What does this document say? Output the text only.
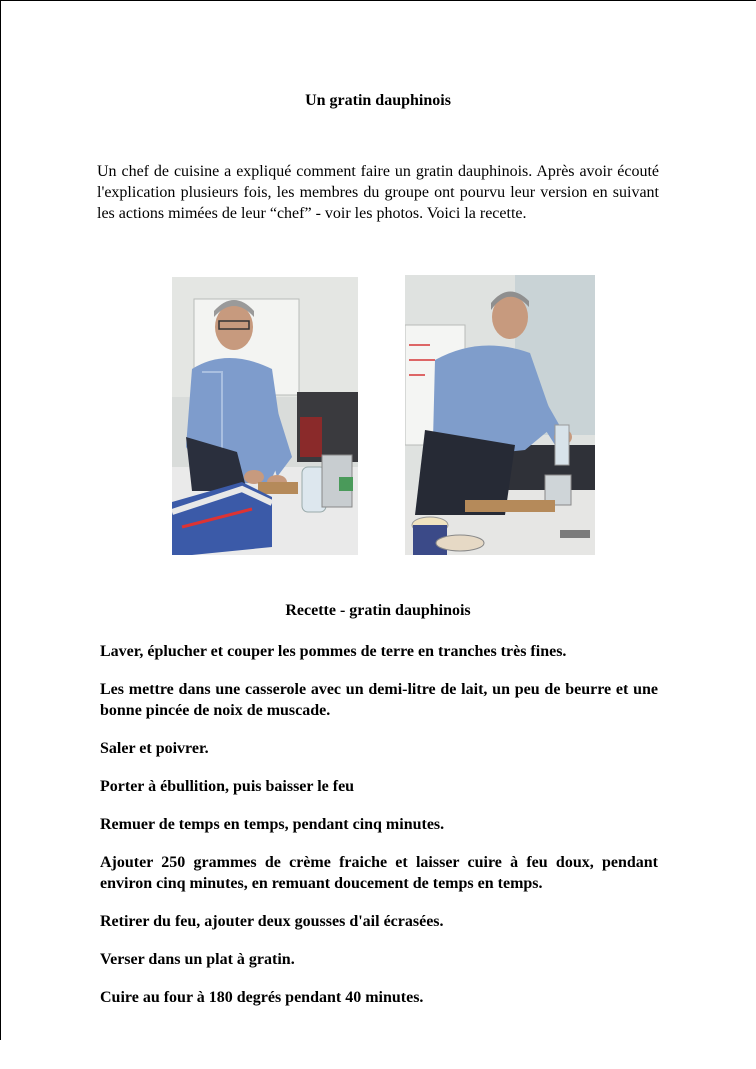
Un gratin dauphinois
Un chef de cuisine a expliqué comment faire un gratin dauphinois. Après avoir écouté l'explication plusieurs fois, les membres du groupe ont pourvu leur version en suivant les actions mimées de leur “chef” - voir les photos. Voici la recette.
Recette - gratin dauphinois

Laver, éplucher et couper les pommes de terre en tranches très fines.

Les mettre dans une casserole avec un demi-litre de lait, un peu de beurre et une bonne pincée de noix de muscade.

Saler et poivrer.

Porter à ébullition, puis baisser le feu

Remuer de temps en temps, pendant cinq minutes.

Ajouter 250 grammes de crème fraiche et laisser cuire à feu doux, pendant environ cinq minutes, en remuant doucement de temps en temps.

Retirer du feu, ajouter deux gousses d'ail écrasées.

Verser dans un plat à gratin.

Cuire au four à 180 degrés pendant 40 minutes.
